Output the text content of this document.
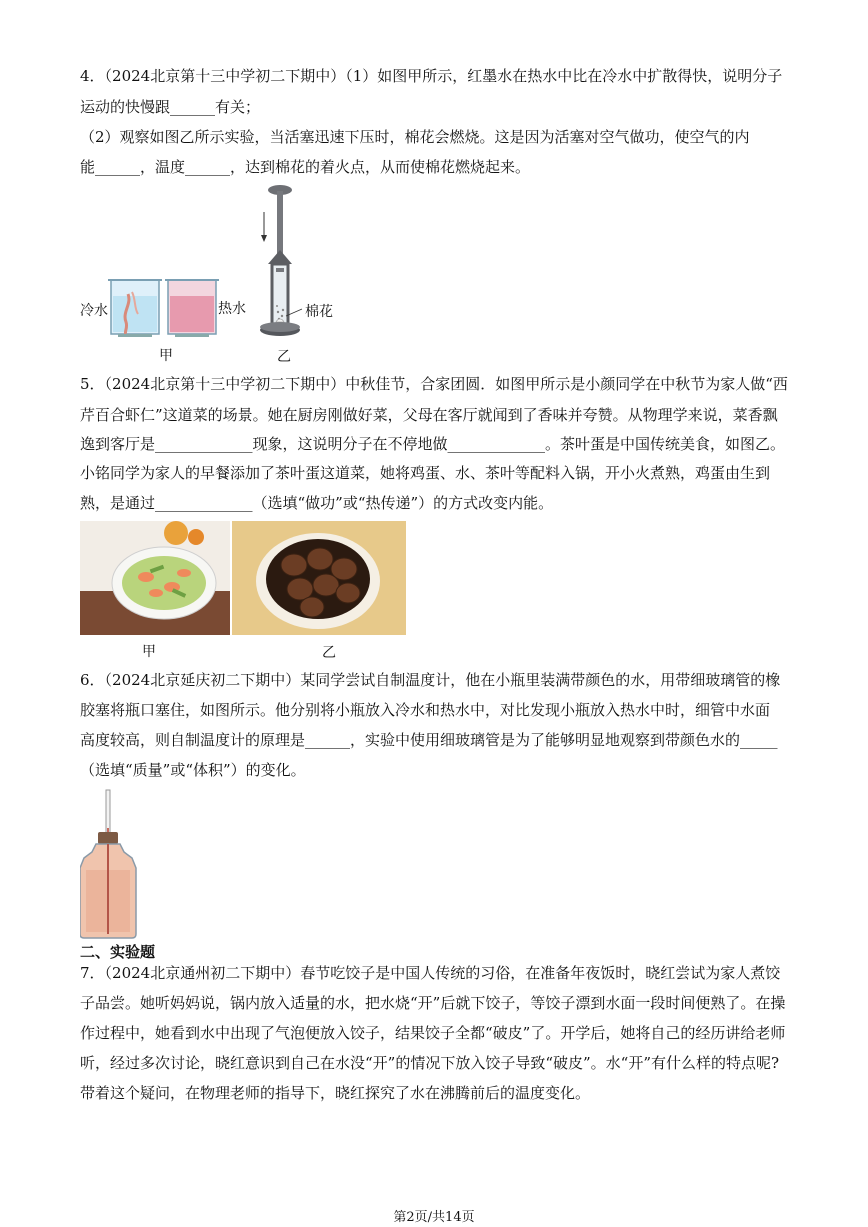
4．（2024北京第十三中学初二下期中）（1）如图甲所示，红墨水在热水中比在冷水中扩散得快，说明分子
运动的快慢跟______有关；
（2）观察如图乙所示实验，当活塞迅速下压时，棉花会燃烧。这是因为活塞对空气做功，使空气的内
能______，温度______，达到棉花的着火点，从而使棉花燃烧起来。
冷水	热水	棉花
甲	乙
5．（2024北京第十三中学初二下期中）中秋佳节，合家团圆．如图甲所示是小颜同学在中秋节为家人做“西
芹百合虾仁”这道菜的场景。她在厨房刚做好菜，父母在客厅就闻到了香味并夸赞。从物理学来说，菜香飘
逸到客厅是_____________现象，这说明分子在不停地做_____________。茶叶蛋是中国传统美食，如图乙。
小铭同学为家人的早餐添加了茶叶蛋这道菜，她将鸡蛋、水、茶叶等配料入锅，开小火煮熟，鸡蛋由生到
熟，是通过_____________（选填“做功”或“热传递”）的方式改变内能。
甲	乙
6．（2024北京延庆初二下期中）某同学尝试自制温度计，他在小瓶里装满带颜色的水，用带细玻璃管的橡
胶塞将瓶口塞住，如图所示。他分别将小瓶放入冷水和热水中，对比发现小瓶放入热水中时，细管中水面
高度较高，则自制温度计的原理是______，实验中使用细玻璃管是为了能够明显地观察到带颜色水的_____
（选填“质量”或“体积”）的变化。
二、实验题
7．（2024北京通州初二下期中）春节吃饺子是中国人传统的习俗，在准备年夜饭时，晓红尝试为家人煮饺
子品尝。她听妈妈说，锅内放入适量的水，把水烧“开”后就下饺子，等饺子漂到水面一段时间便熟了。在操
作过程中，她看到水中出现了气泡便放入饺子，结果饺子全都“破皮”了。开学后，她将自己的经历讲给老师
听，经过多次讨论，晓红意识到自己在水没“开”的情况下放入饺子导致“破皮”。水“开”有什么样的特点呢?
带着这个疑问，在物理老师的指导下，晓红探究了水在沸腾前后的温度变化。
第2页/共14页
